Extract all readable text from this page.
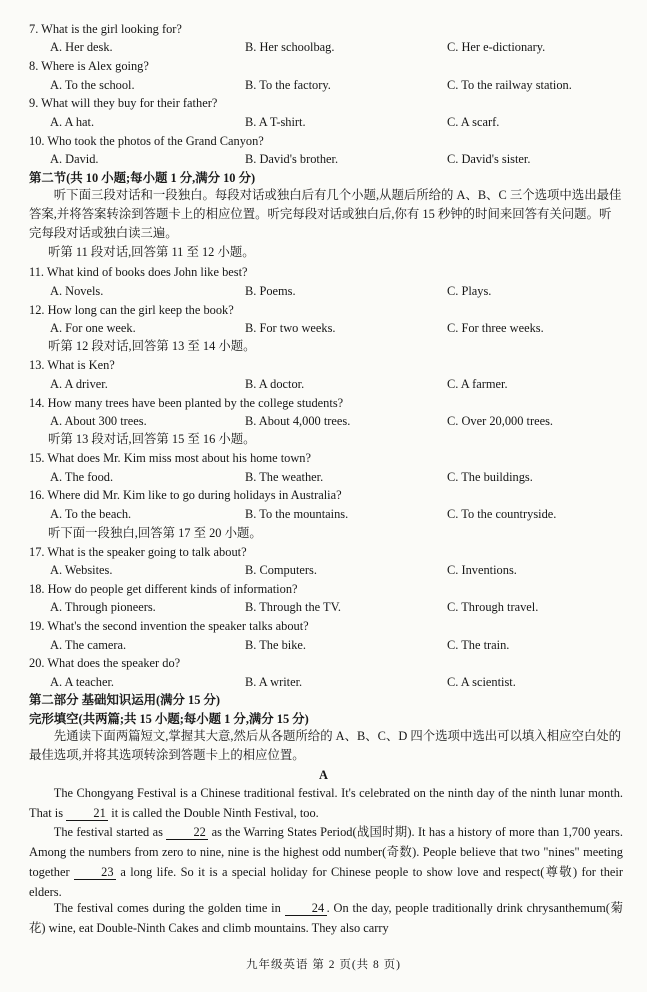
7. What is the girl looking for?
A. Her desk.	B. Her schoolbag.	C. Her e-dictionary.
8. Where is Alex going?
A. To the school.	B. To the factory.	C. To the railway station.
9. What will they buy for their father?
A. A hat.	B. A T-shirt.	C. A scarf.
10. Who took the photos of the Grand Canyon?
A. David.	B. David's brother.	C. David's sister.
第二节(共 10 小题;每小题 1 分,满分 10 分)
听下面三段对话和一段独白。每段对话或独白后有几个小题,从题后所给的 A、B、C 三个选项中选出最佳答案,并将答案转涂到答题卡上的相应位置。听完每段对话或独白后,你有 15 秒钟的时间来回答有关问题。听完每段对话或独白读三遍。
听第 11 段对话,回答第 11 至 12 小题。
11. What kind of books does John like best?
A. Novels.	B. Poems.	C. Plays.
12. How long can the girl keep the book?
A. For one week.	B. For two weeks.	C. For three weeks.
听第 12 段对话,回答第 13 至 14 小题。
13. What is Ken?
A. A driver.	B. A doctor.	C. A farmer.
14. How many trees have been planted by the college students?
A. About 300 trees.	B. About 4,000 trees.	C. Over 20,000 trees.
听第 13 段对话,回答第 15 至 16 小题。
15. What does Mr. Kim miss most about his home town?
A. The food.	B. The weather.	C. The buildings.
16. Where did Mr. Kim like to go during holidays in Australia?
A. To the beach.	B. To the mountains.	C. To the countryside.
听下面一段独白,回答第 17 至 20 小题。
17. What is the speaker going to talk about?
A. Websites.	B. Computers.	C. Inventions.
18. How do people get different kinds of information?
A. Through pioneers.	B. Through the TV.	C. Through travel.
19. What's the second invention the speaker talks about?
A. The camera.	B. The bike.	C. The train.
20. What does the speaker do?
A. A teacher.	B. A writer.	C. A scientist.
第二部分 基础知识运用(满分 15 分)
完形填空(共两篇;共 15 小题;每小题 1 分,满分 15 分)
先通读下面两篇短文,掌握其大意,然后从各题所给的 A、B、C、D 四个选项中选出可以填入相应空白处的最佳选项,并将其选项转涂到答题卡上的相应位置。
A
The Chongyang Festival is a Chinese traditional festival. It's celebrated on the ninth day of the ninth lunar month. That is 21 it is called the Double Ninth Festival, too.
The festival started as 22 as the Warring States Period(战国时期). It has a history of more than 1,700 years. Among the numbers from zero to nine, nine is the highest odd number(奇数). People believe that two "nines" meeting together 23 a long life. So it is a special holiday for Chinese people to show love and respect(尊敬) for their elders.
The festival comes during the golden time in 24 . On the day, people traditionally drink chrysanthemum(菊花) wine, eat Double-Ninth Cakes and climb mountains. They also carry
九年级英语 第 2 页(共 8 页)
